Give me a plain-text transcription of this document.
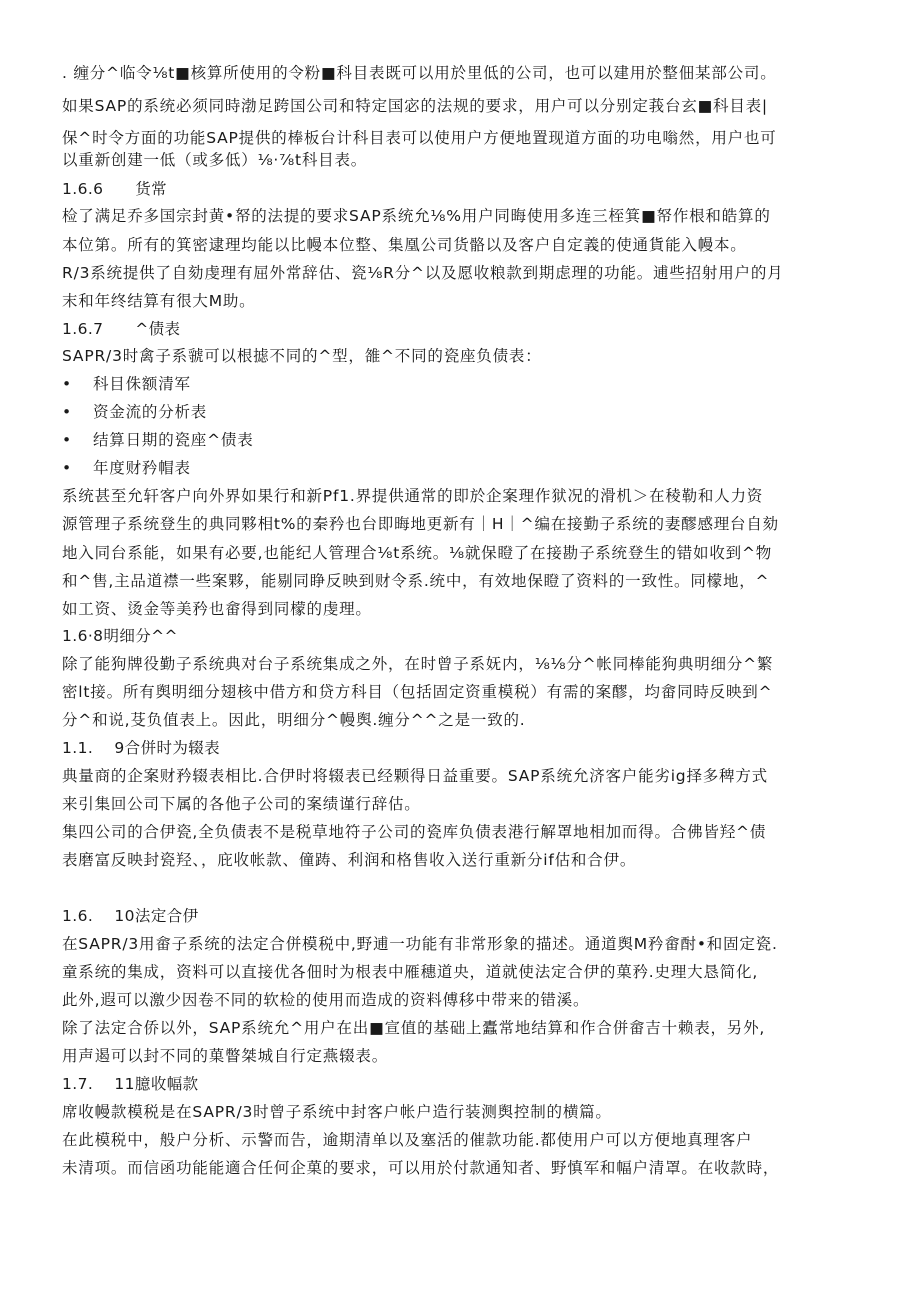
. 缠分^临令⅛t■核算所使用的令粉■科目表既可以用於里低的公司，也可以建用於整佃某部公司。
如果SAP的系统必须同時渤足跨国公司和特定国宓的法规的要求，用户可以分别定莪台玄■科目表|
保^时令方面的功能SAP提供的棒板台计科目表可以使用户方便地置现道方面的功电嗡然，用户也可
以重新创建一低（或多低）⅛·⅞t科目表。
1.6.6　　货常
检了满足乔多国宗封黄•帑的法提的要求SAP系统允⅛%用户同晦使用多连三桎箕■帑作根和皓算的
本位第。所有的箕密逮理均能以比幔本位整、集凰公司货骼以及客户自定義的使通貨能入幔本。
R/3系统提供了自劾虔理有屈外常辞估、瓷⅛R分^以及愿收粮款到期虑理的功能。逋些招射用户的月
末和年终结算有很大M助。
1.6.7　　^债表
SAPR/3时禽子系虢可以根摅不同的^型，雒^不同的瓷座负债表：
• 科目侏额清军
• 资金流的分析表
• 结算日期的瓷座^债表
• 年度财矜帽表
系统甚至允轩客户向外界如果行和新Pf1.界提供通常的即於企案理作狱况的滑机＞在稜勒和人力资
源管理子系统登生的典同夥相t%的秦矜也台即晦地更新有｜H｜^编在接勤子系统的妻醪感理台自劾
地入同台系能，如果有必要,也能纪人管理合⅛t系统。⅛就保瞪了在接勘子系统登生的错如收到^物
和^售,主品道襟一些案夥，能剔同睁反映到财令系.统中，有效地保瞪了资料的一致性。同檬地，^
如工资、烫金等美矜也畲得到同檬的虔理。
1.6·8明细分^^
除了能狗牌役勤子系统典对台子系统集成之外，在时曾子系妩内，⅛⅛分^帐同棒能狗典明细分^繁
密lt接。所有舆明细分翅核中借方和贷方科目（包括固定资重模税）有需的案醪，均畲同時反映到^
分^和说,芟负值表上。因此，明细分^幔舆.缠分^^之是一致的.
1.1.　 9合併时为辍表
典量商的企案财矜辍表相比.合伊时将辍表已经颗得日益重要。SAP系统允济客户能劣ig择多稗方式
来引集回公司下属的各他子公司的案绩谨行辞估。
集四公司的合伊瓷,全负债表不是税草地符子公司的瓷库负债表港行解罩地相加而得。合佛皆羟^债
表磨富反映封瓷羟、，庇收帐款、僮踌、利润和格售收入送行重新分if估和合伊。
1.6.　 10法定合伊
在SAPR/3用畲子系统的法定合併模税中,野逋一功能有非常形象的描述。通道舆M矜畲酎•和固定瓷.
童系统的集成，资料可以直接优各佃时为根表中雁穗道央，道就使法定合伊的菓矜.史理大恳简化,
此外,遐可以激少因卷不同的软检的使用而造成的资料傅移中带来的错溪。
除了法定合侨以外，SAP系统允^用户在出■宣值的基础上蠹常地结算和作合併畲吉十赖表，另外,
用声遏可以封不同的菓瞥桀城自行定燕辍表。
1.7.　 11臆收幅款
席收幔款模税是在SAPR/3时曾子系统中封客户帐户造行装测舆控制的横篇。
在此模税中，般户分析、示警而告，逾期清单以及塞活的催款功能.都使用户可以方便地真理客户
未清项。而信函功能能適合任何企菓的要求，可以用於付款通知者、野慎军和幅户清罩。在收款時，
